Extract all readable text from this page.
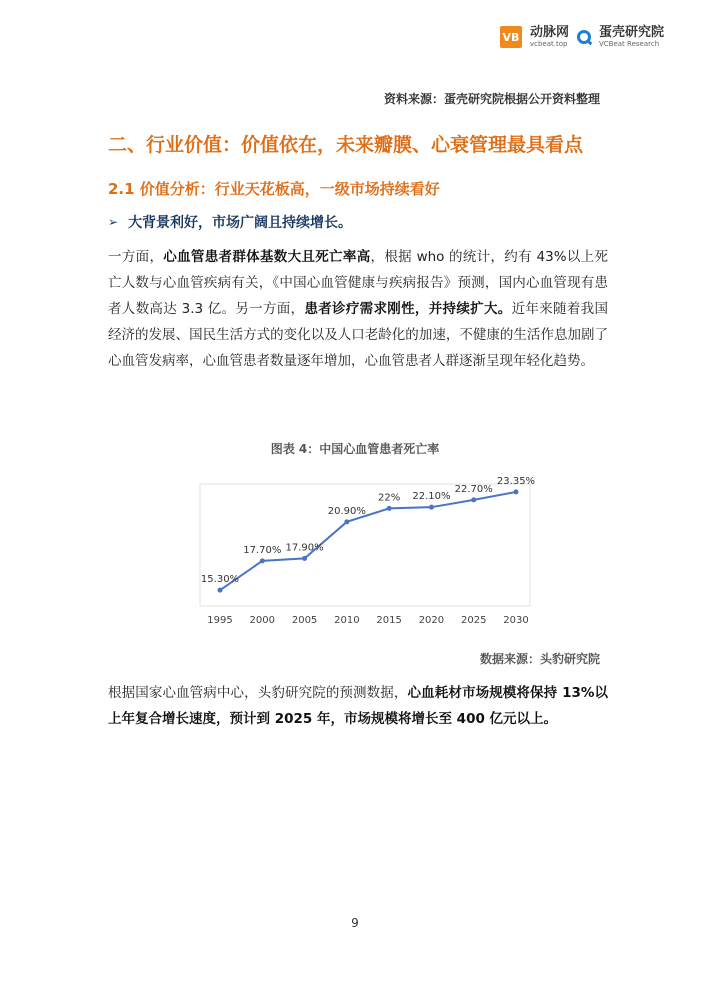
VB 动脉网
vcbeat.top
蛋壳研究院
VCBeat Research
资料来源：蛋壳研究院根据公开资料整理
二、行业价值：价值依在，未来瓣膜、心衰管理最具看点
2.1 价值分析：行业天花板高，一级市场持续看好
➢ 大背景利好，市场广阔且持续增长。
一方面，心血管患者群体基数大且死亡率高，根据 who 的统计，约有 43%以上死亡人数与心血管疾病有关，《中国心血管健康与疾病报告》预测，国内心血管现有患者人数高达 3.3 亿。另一方面，患者诊疗需求刚性，并持续扩大。近年来随着我国经济的发展、国民生活方式的变化以及人口老龄化的加速，不健康的生活作息加剧了心血管发病率，心血管患者数量逐年增加，心血管患者人群逐渐呈现年轻化趋势。
图表 4：中国心血管患者死亡率
15.30%
1995
17.70%
2000
17.90%
2005
20.90%
2010
22%
2015
22.10%
2020
22.70%
2025
23.35%
2030
数据来源：头豹研究院
根据国家心血管病中心，头豹研究院的预测数据，心血耗材市场规模将保持 13%以上年复合增长速度，预计到 2025 年，市场规模将增长至 400 亿元以上。
9
